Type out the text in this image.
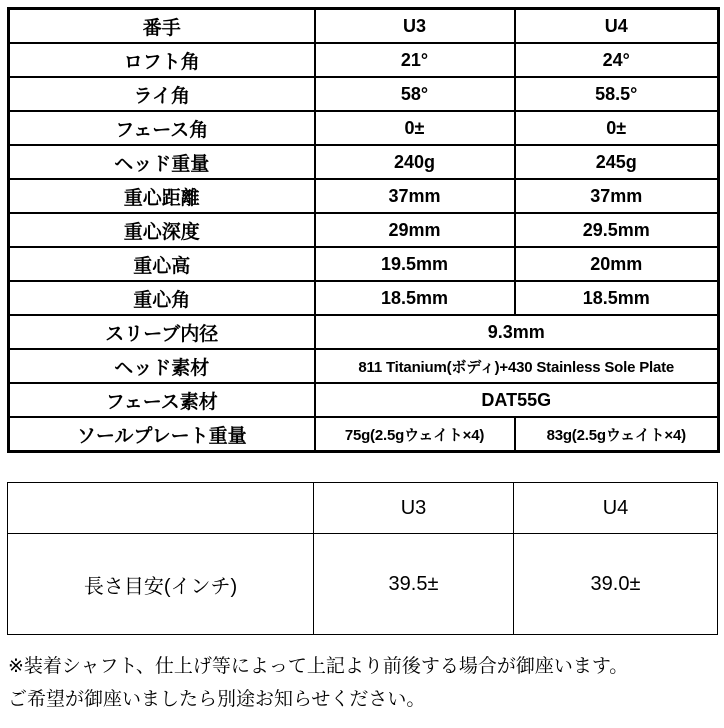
番手	U3	U4
ロフト角	21°	24°
ライ角	58°	58.5°
フェース角	0±	0±
ヘッド重量	240g	245g
重心距離	37mm	37mm
重心深度	29mm	29.5mm
重心高	19.5mm	20mm
重心角	18.5mm	18.5mm
スリーブ内径	9.3mm	
ヘッド素材	811 Titanium(ボディ)+430 Stainless Sole Plate	
フェース素材	DAT55G	
ソールプレート重量	75g(2.5gウェイト×4)	83g(2.5gウェイト×4)
	U3	U4
長さ目安(インチ)	39.5±	39.0±
※装着シャフト、仕上げ等によって上記より前後する場合が御座います。
ご希望が御座いましたら別途お知らせください。
